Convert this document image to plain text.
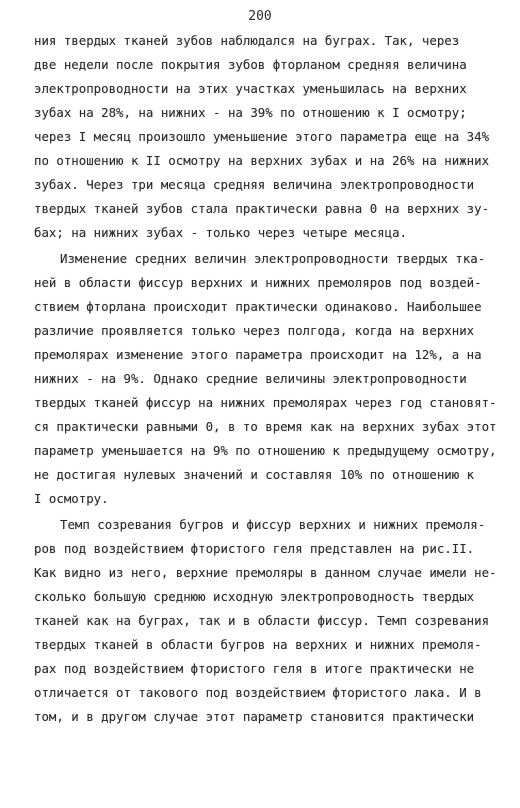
200
ния твердых тканей зубов наблюдался на буграх. Так, через
две недели после покрытия зубов фторланом средняя величина
электропроводности на этих участках уменьшилась на верхних
зубах на 28%, на нижних - на 39% по отношению к I осмотру;
через I месяц произошло уменьшение этого параметра еще на 34%
по отношению к II осмотру на верхних зубах и на 26% на нижних
зубах. Через три месяца средняя величина электропроводности
твердых тканей зубов стала практически равна 0 на верхних зу-
бах; на нижних зубах - только через четыре месяца.
Изменение средних величин электропроводности твердых тка-
ней в области фиссур верхних и нижних премоляров под воздей-
ствием фторлана происходит практически одинаково. Наибольшее
различие проявляется только через полгода, когда на верхних
премолярах изменение этого параметра происходит на 12%, а на
нижних - на 9%. Однако средние величины электропроводности
твердых тканей фиссур на нижних премолярах через год становят-
ся практически равными 0, в то время как на верхних зубах этот
параметр уменьшается на 9% по отношению к предыдущему осмотру,
не достигая нулевых значений и составляя 10% по отношению к
I осмотру.
Темп созревания бугров и фиссур верхних и нижних премоля-
ров под воздействием фтористого геля представлен на рис.II.
Как видно из него, верхние премоляры в данном случае имели не-
сколько большую среднюю исходную электропроводность твердых
тканей как на буграх, так и в области фиссур. Темп созревания
твердых тканей в области бугров на верхних и нижних премоля-
рах под воздействием фтористого геля в итоге практически не
отличается от такового под воздействием фтористого лака. И в
том, и в другом случае этот параметр становится практически
